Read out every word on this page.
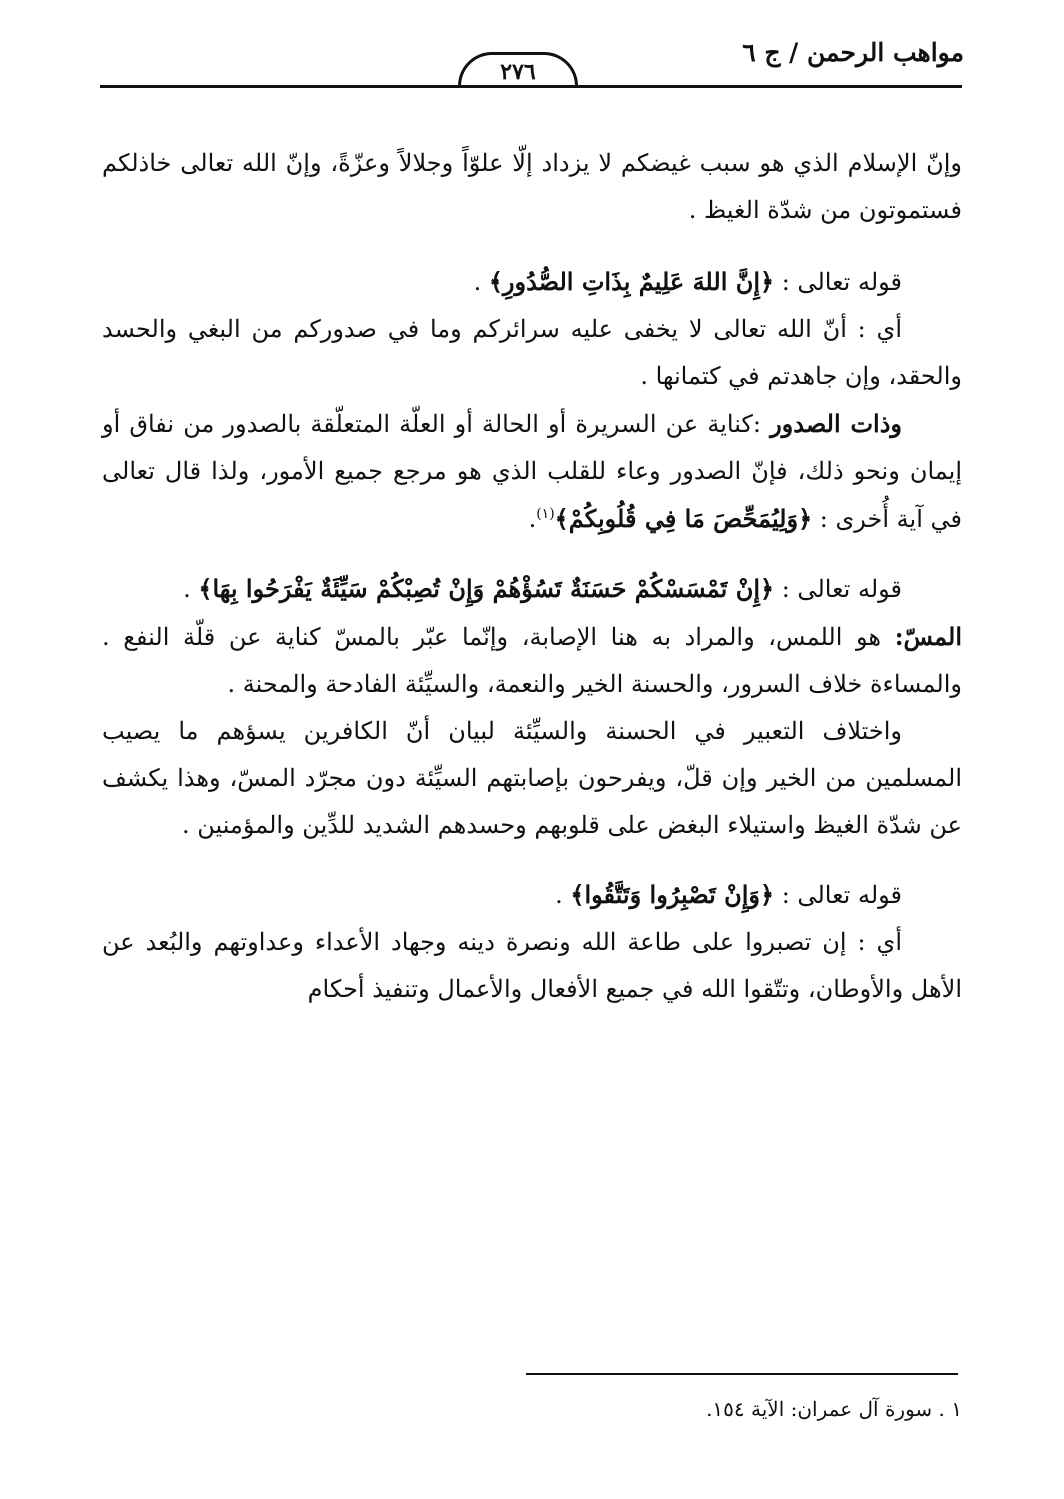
مواهب الرحمن / ج ٦
٢٧٦

وإنّ الإسلام الذي هو سبب غيضكم لا يزداد إلّا علوّاً وجلالاً وعزّةً، وإنّ الله تعالى خاذلكم فستموتون من شدّة الغيظ .

قوله تعالى : ﴿إِنَّ اللهَ عَلِيمٌ بِذَاتِ الصُّدُورِ﴾ .

أي : أنّ الله تعالى لا يخفى عليه سرائركم وما في صدوركم من البغي والحسد والحقد، وإن جاهدتم في كتمانها .

وذات الصدور :كناية عن السريرة أو الحالة أو العلّة المتعلّقة بالصدور من نفاق أو إيمان ونحو ذلك، فإنّ الصدور وعاء للقلب الذي هو مرجع جميع الأمور، ولذا قال تعالى في آية أُخرى : ﴿وَلِيُمَحِّصَ مَا فِي قُلُوبِكُمْ﴾$^{(١)}$.

قوله تعالى : ﴿إِنْ تَمْسَسْكُمْ حَسَنَةٌ تَسُؤْهُمْ وَإِنْ تُصِبْكُمْ سَيِّئَةٌ يَفْرَحُوا بِهَا﴾ .

المسّ: هو اللمس، والمراد به هنا الإصابة، وإنّما عبّر بالمسّ كناية عن قلّة النفع . والمساءة خلاف السرور، والحسنة الخير والنعمة، والسيِّئة الفادحة والمحنة .

واختلاف التعبير في الحسنة والسيِّئة لبيان أنّ الكافرين يسؤهم ما يصيب المسلمين من الخير وإن قلّ، ويفرحون بإصابتهم السيِّئة دون مجرّد المسّ، وهذا يكشف عن شدّة الغيظ واستيلاء البغض على قلوبهم وحسدهم الشديد للدِّين والمؤمنين .

قوله تعالى : ﴿وَإِنْ تَصْبِرُوا وَتَتَّقُوا﴾ .

أي : إن تصبروا على طاعة الله ونصرة دينه وجهاد الأعداء وعداوتهم والبُعد عن الأهل والأوطان، وتتّقوا الله في جميع الأفعال والأعمال وتنفيذ أحكام

١ . سورة آل عمران: الآية ١٥٤.
